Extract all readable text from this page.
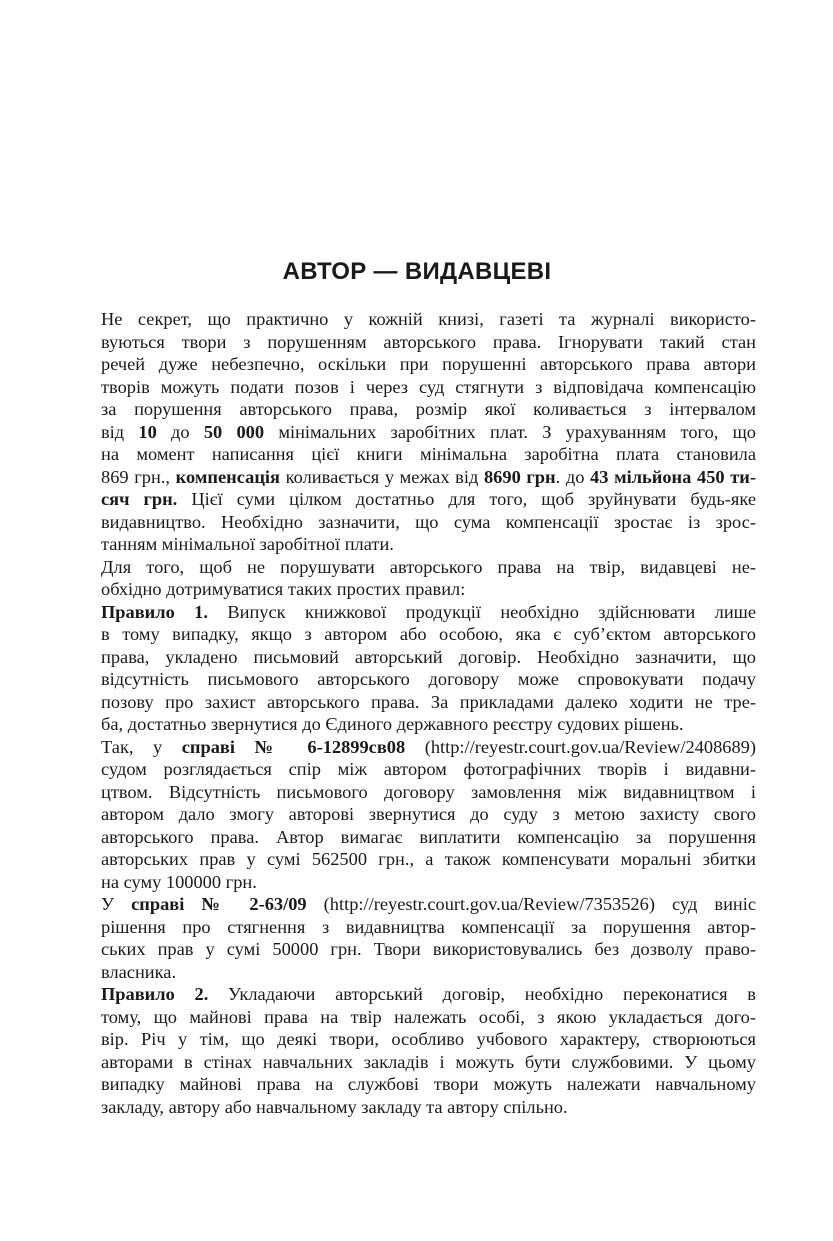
АВТОР — ВИДАВЦЕВІ

Не секрет, що практично у кожній книзі, газеті та журналі використо-
вуються твори з порушенням авторського права. Ігнорувати такий стан
речей дуже небезпечно, оскільки при порушенні авторського права автори
творів можуть подати позов і через суд стягнути з відповідача компенсацію
за порушення авторського права, розмір якої коливається з інтервалом
від 10 до 50 000 мінімальних заробітних плат. З урахуванням того, що
на момент написання цієї книги мінімальна заробітна плата становила
869 грн., компенсація коливається у межах від 8690 грн. до 43 мільйона 450 ти-
сяч грн. Цієї суми цілком достатньо для того, щоб зруйнувати будь-яке
видавництво. Необхідно зазначити, що сума компенсації зростає із зрос-
танням мінімальної заробітної плати.

Для того, щоб не порушувати авторського права на твір, видавцеві не-
обхідно дотримуватися таких простих правил:

Правило 1. Випуск книжкової продукції необхідно здійснювати лише
в тому випадку, якщо з автором або особою, яка є суб’єктом авторського
права, укладено письмовий авторський договір. Необхідно зазначити, що
відсутність письмового авторського договору може спровокувати подачу
позову про захист авторського права. За прикладами далеко ходити не тре-
ба, достатньо звернутися до Єдиного державного реєстру судових рішень.

Так, у справі № 6-12899св08 (http://reyestr.court.gov.ua/Review/2408689)
судом розглядається спір між автором фотографічних творів і видавни-
цтвом. Відсутність письмового договору замовлення між видавництвом і
автором дало змогу авторові звернутися до суду з метою захисту свого
авторського права. Автор вимагає виплатити компенсацію за порушення
авторських прав у сумі 562500 грн., а також компенсувати моральні збитки
на суму 100000 грн.

У справі № 2-63/09 (http://reyestr.court.gov.ua/Review/7353526) суд виніс
рішення про стягнення з видавництва компенсації за порушення автор-
ських прав у сумі 50000 грн. Твори використовувались без дозволу право-
власника.

Правило 2. Укладаючи авторський договір, необхідно переконатися в
тому, що майнові права на твір належать особі, з якою укладається дого-
вір. Річ у тім, що деякі твори, особливо учбового характеру, створюються
авторами в стінах навчальних закладів і можуть бути службовими. У цьому
випадку майнові права на службові твори можуть належати навчальному
закладу, автору або навчальному закладу та автору спільно.
